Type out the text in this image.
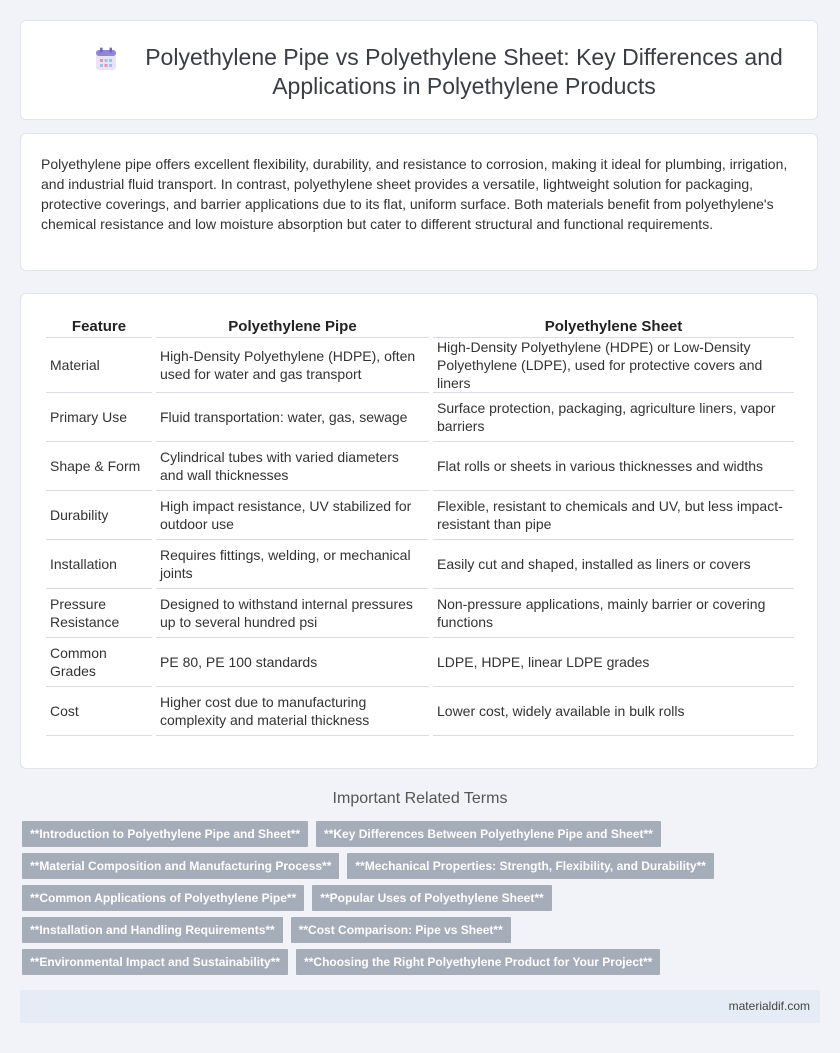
Polyethylene Pipe vs Polyethylene Sheet: Key Differences and Applications in Polyethylene Products
Polyethylene pipe offers excellent flexibility, durability, and resistance to corrosion, making it ideal for plumbing, irrigation, and industrial fluid transport. In contrast, polyethylene sheet provides a versatile, lightweight solution for packaging, protective coverings, and barrier applications due to its flat, uniform surface. Both materials benefit from polyethylene's chemical resistance and low moisture absorption but cater to different structural and functional requirements.
Feature	Polyethylene Pipe	Polyethylene Sheet
Material	High-Density Polyethylene (HDPE), often used for water and gas transport	High-Density Polyethylene (HDPE) or Low-Density Polyethylene (LDPE), used for protective covers and liners
Primary Use	Fluid transportation: water, gas, sewage	Surface protection, packaging, agriculture liners, vapor barriers
Shape & Form	Cylindrical tubes with varied diameters and wall thicknesses	Flat rolls or sheets in various thicknesses and widths
Durability	High impact resistance, UV stabilized for outdoor use	Flexible, resistant to chemicals and UV, but less impact-resistant than pipe
Installation	Requires fittings, welding, or mechanical joints	Easily cut and shaped, installed as liners or covers
Pressure Resistance	Designed to withstand internal pressures up to several hundred psi	Non-pressure applications, mainly barrier or covering functions
Common Grades	PE 80, PE 100 standards	LDPE, HDPE, linear LDPE grades
Cost	Higher cost due to manufacturing complexity and material thickness	Lower cost, widely available in bulk rolls
Important Related Terms
**Introduction to Polyethylene Pipe and Sheet**	**Key Differences Between Polyethylene Pipe and Sheet**
**Material Composition and Manufacturing Process**	**Mechanical Properties: Strength, Flexibility, and Durability**
**Common Applications of Polyethylene Pipe**	**Popular Uses of Polyethylene Sheet**
**Installation and Handling Requirements**	**Cost Comparison: Pipe vs Sheet**
**Environmental Impact and Sustainability**	**Choosing the Right Polyethylene Product for Your Project**
materialdif.com
